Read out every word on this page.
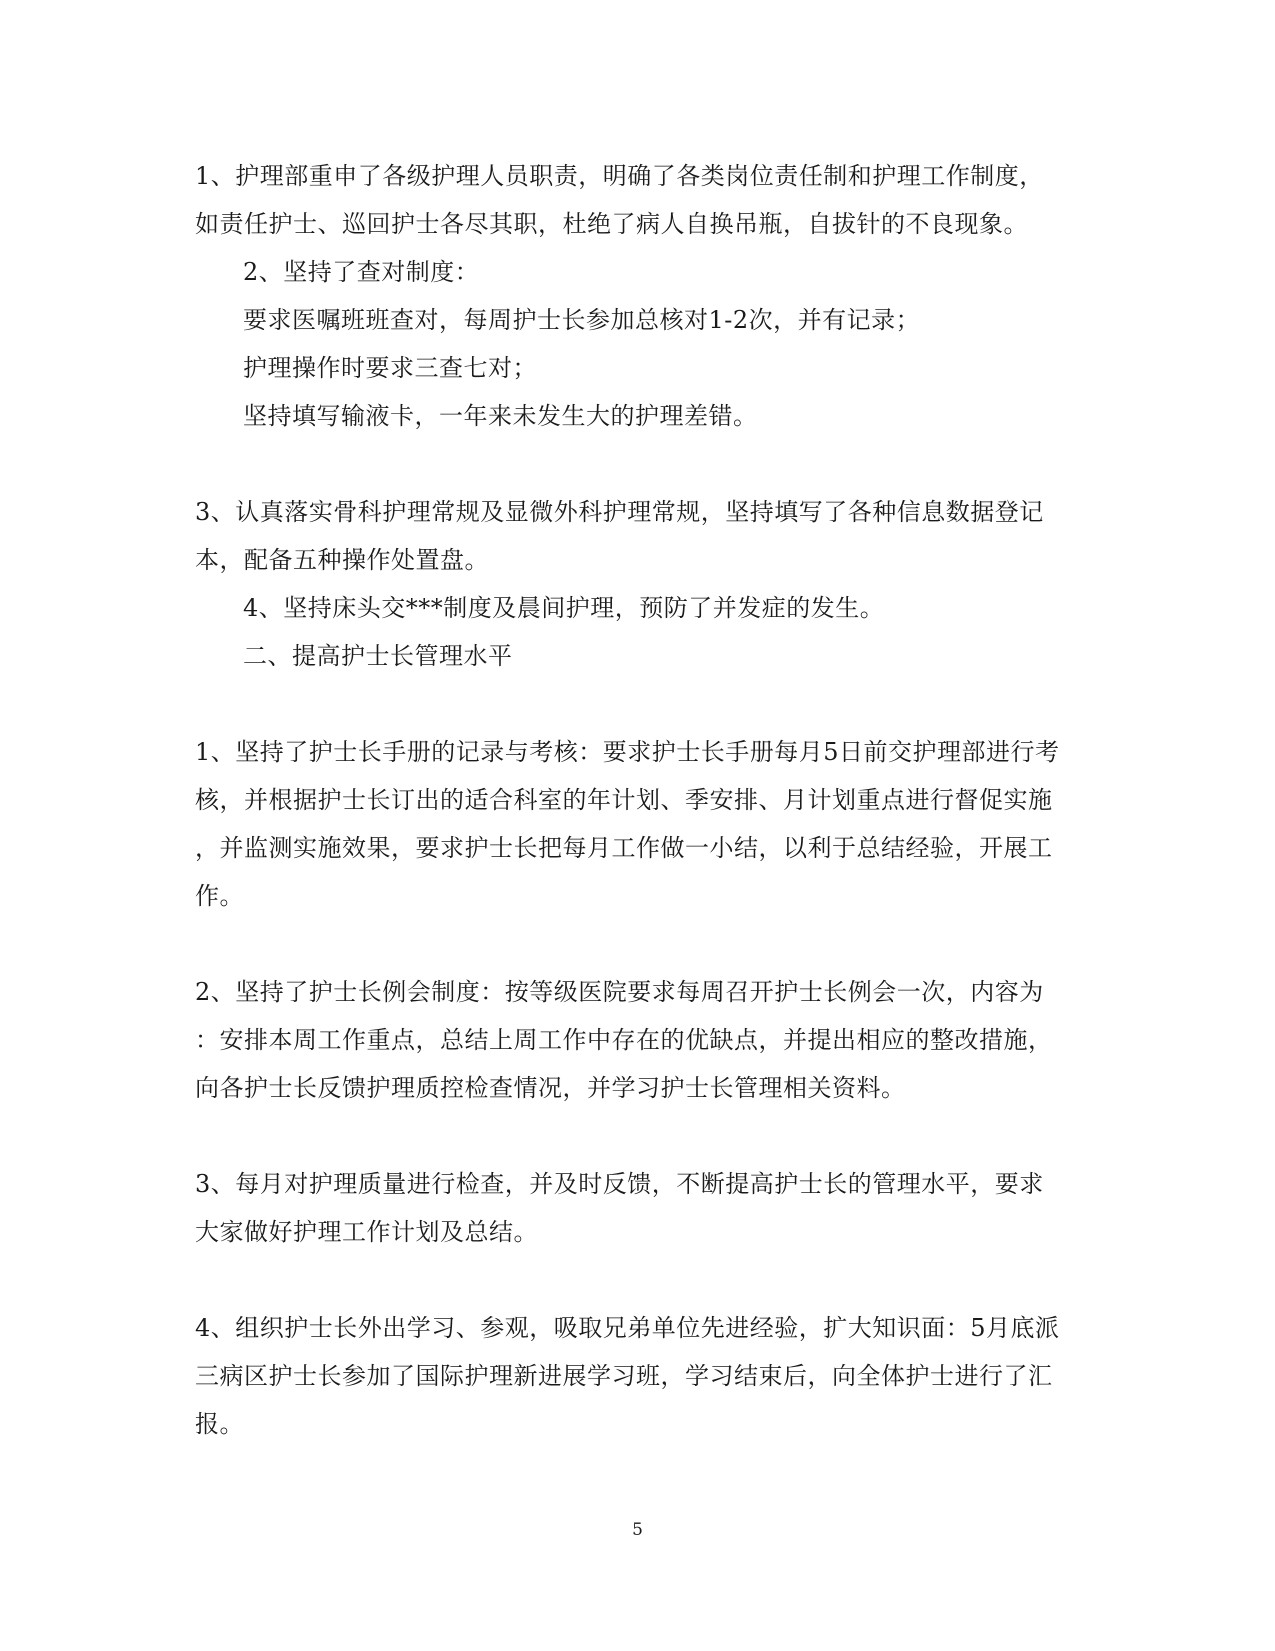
1、护理部重申了各级护理人员职责，明确了各类岗位责任制和护理工作制度，
如责任护士、巡回护士各尽其职，杜绝了病人自换吊瓶，自拔针的不良现象。
2、坚持了查对制度：
要求医嘱班班查对，每周护士长参加总核对1-2次，并有记录；
护理操作时要求三查七对；
坚持填写输液卡，一年来未发生大的护理差错。
3、认真落实骨科护理常规及显微外科护理常规，坚持填写了各种信息数据登记
本，配备五种操作处置盘。
4、坚持床头交***制度及晨间护理，预防了并发症的发生。
二、提高护士长管理水平
1、坚持了护士长手册的记录与考核：要求护士长手册每月5日前交护理部进行考
核，并根据护士长订出的适合科室的年计划、季安排、月计划重点进行督促实施
，并监测实施效果，要求护士长把每月工作做一小结，以利于总结经验，开展工
作。
2、坚持了护士长例会制度：按等级医院要求每周召开护士长例会一次，内容为
：安排本周工作重点，总结上周工作中存在的优缺点，并提出相应的整改措施，
向各护士长反馈护理质控检查情况，并学习护士长管理相关资料。
3、每月对护理质量进行检查，并及时反馈，不断提高护士长的管理水平，要求
大家做好护理工作计划及总结。
4、组织护士长外出学习、参观，吸取兄弟单位先进经验，扩大知识面：5月底派
三病区护士长参加了国际护理新进展学习班，学习结束后，向全体护士进行了汇
报。
5
